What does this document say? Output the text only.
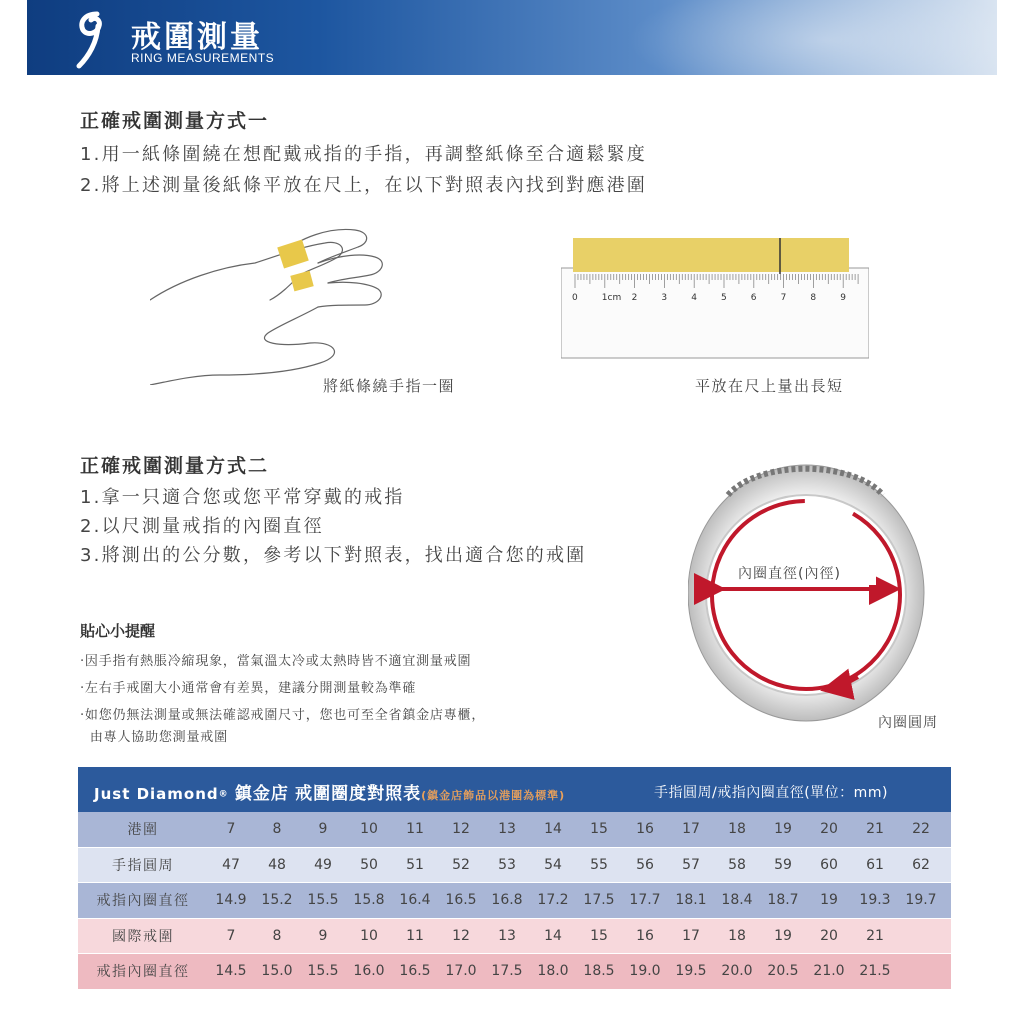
戒圍測量
RING MEASUREMENTS
正確戒圍測量方式一
1.用一紙條圍繞在想配戴戒指的手指，再調整紙條至合適鬆緊度
2.將上述測量後紙條平放在尺上，在以下對照表內找到對應港圍
將紙條繞手指一圈
0	1cm 2	3	4	5	6	7	8	9
平放在尺上量出長短
正確戒圍測量方式二
1.拿一只適合您或您平常穿戴的戒指
2.以尺測量戒指的內圈直徑
3.將測出的公分數，參考以下對照表，找出適合您的戒圍
內圈直徑(內徑)
內圈圓周
貼心小提醒
‧因手指有熱脹冷縮現象，當氣溫太冷或太熱時皆不適宜測量戒圍
‧左右手戒圍大小通常會有差異，建議分開測量較為準確
‧如您仍無法測量或無法確認戒圍尺寸，您也可至全省鎮金店專櫃，
由專人協助您測量戒圍
Just Diamond® 鎮金店 戒圍圈度對照表(鎮金店飾品以港圍為標準)	手指圓周/戒指內圈直徑(單位：mm)
港圍	7	8	9	10	11	12	13	14	15	16	17	18	19	20	21	22
手指圓周	47	48	49	50	51	52	53	54	55	56	57	58	59	60	61	62
戒指內圈直徑	14.9	15.2	15.5	15.8	16.4	16.5	16.8	17.2	17.5	17.7	18.1	18.4	18.7	19	19.3	19.7
國際戒圍	7	8	9	10	11	12	13	14	15	16	17	18	19	20	21
戒指內圈直徑	14.5	15.0	15.5	16.0	16.5	17.0	17.5	18.0	18.5	19.0	19.5	20.0	20.5	21.0	21.5
